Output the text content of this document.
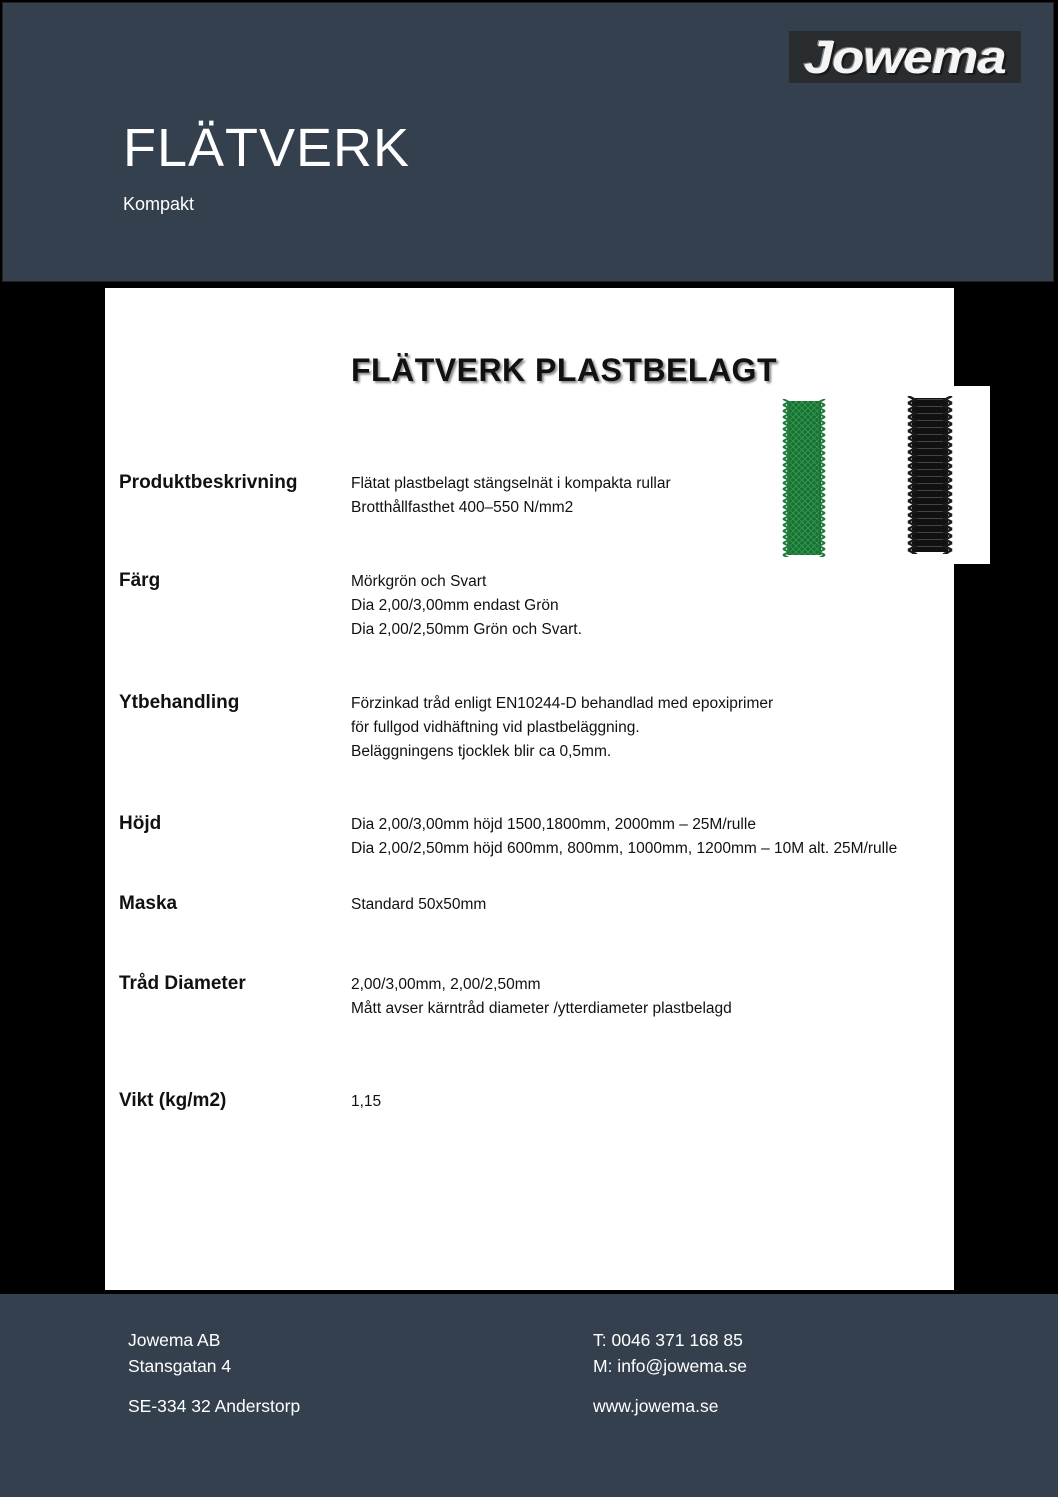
Jowema
FLÄTVERK
Kompakt
FLÄTVERK PLASTBELAGT
Produktbeskrivning	Flätat plastbelagt stängselnät i kompakta rullar
Brotthållfasthet 400–550 N/mm2
Färg	Mörkgrön och Svart
Dia 2,00/3,00mm endast Grön
Dia 2,00/2,50mm Grön och Svart.
Ytbehandling	Förzinkad tråd enligt EN10244-D behandlad med epoxiprimer
för fullgod vidhäftning vid plastbeläggning.
Beläggningens tjocklek blir ca 0,5mm.
Höjd	Dia 2,00/3,00mm höjd 1500,1800mm, 2000mm – 25M/rulle
Dia 2,00/2,50mm höjd 600mm, 800mm, 1000mm, 1200mm – 10M alt. 25M/rulle
Maska	Standard 50x50mm
Tråd Diameter	2,00/3,00mm, 2,00/2,50mm
Mått avser kärntråd diameter /ytterdiameter plastbelagd
Vikt (kg/m2)	1,15
Jowema AB
Stansgatan 4
SE-334 32 Anderstorp
T: 0046 371 168 85
M: info@jowema.se
www.jowema.se
